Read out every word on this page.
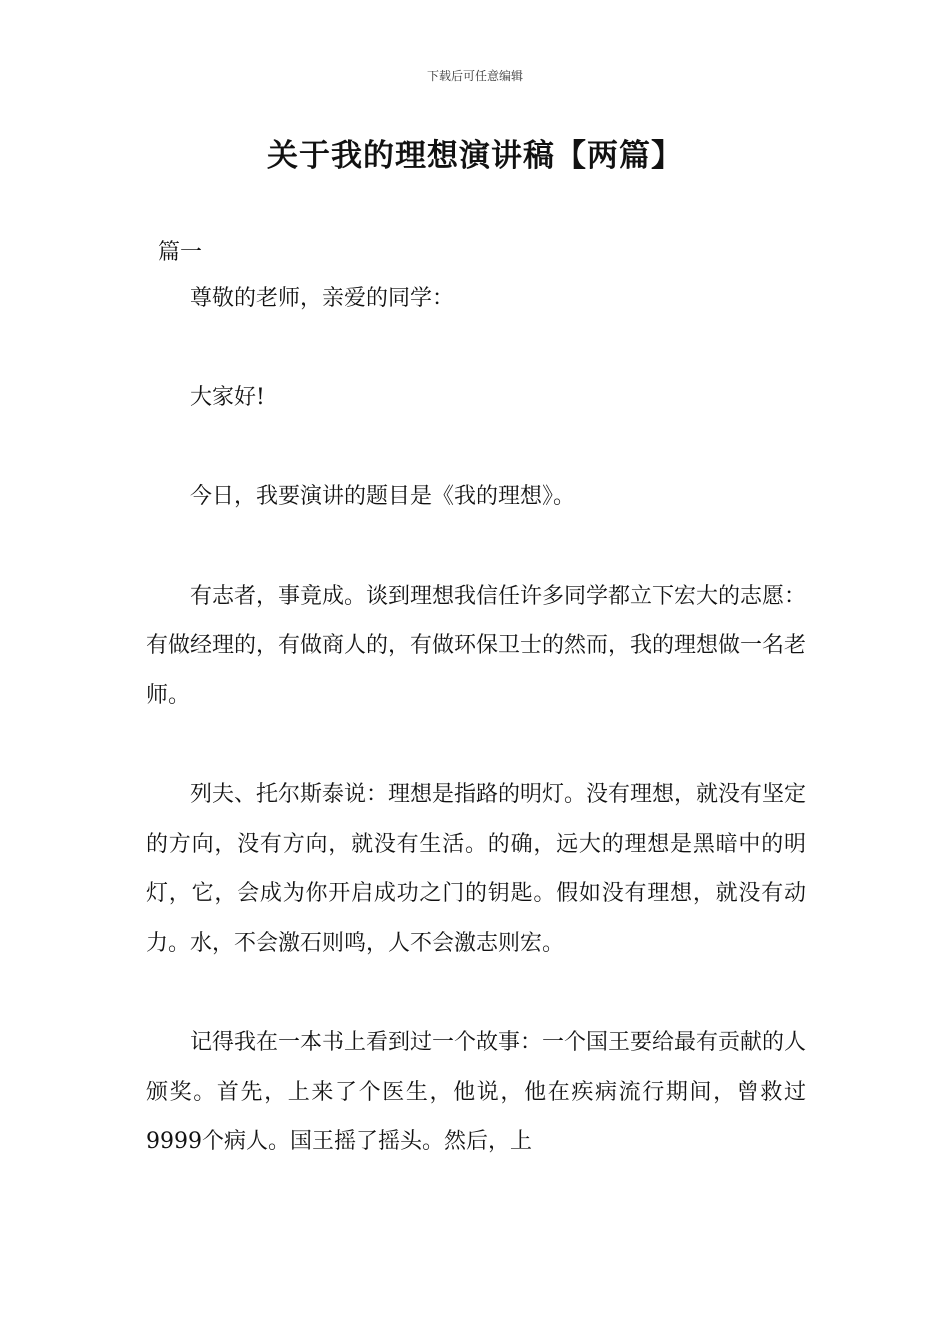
下载后可任意编辑
关于我的理想演讲稿【两篇】
篇一

尊敬的老师，亲爱的同学：

大家好!

今日，我要演讲的题目是《我的理想》。

有志者，事竟成。谈到理想我信任许多同学都立下宏大的志愿：有做经理的，有做商人的，有做环保卫士的然而，我的理想做一名老师。

列夫、托尔斯泰说：理想是指路的明灯。没有理想，就没有坚定的方向，没有方向，就没有生活。的确，远大的理想是黑暗中的明灯，它，会成为你开启成功之门的钥匙。假如没有理想，就没有动力。水，不会激石则鸣，人不会激志则宏。

记得我在一本书上看到过一个故事：一个国王要给最有贡献的人颁奖。首先，上来了个医生，他说，他在疾病流行期间，曾救过9999个病人。国王摇了摇头。然后，上
